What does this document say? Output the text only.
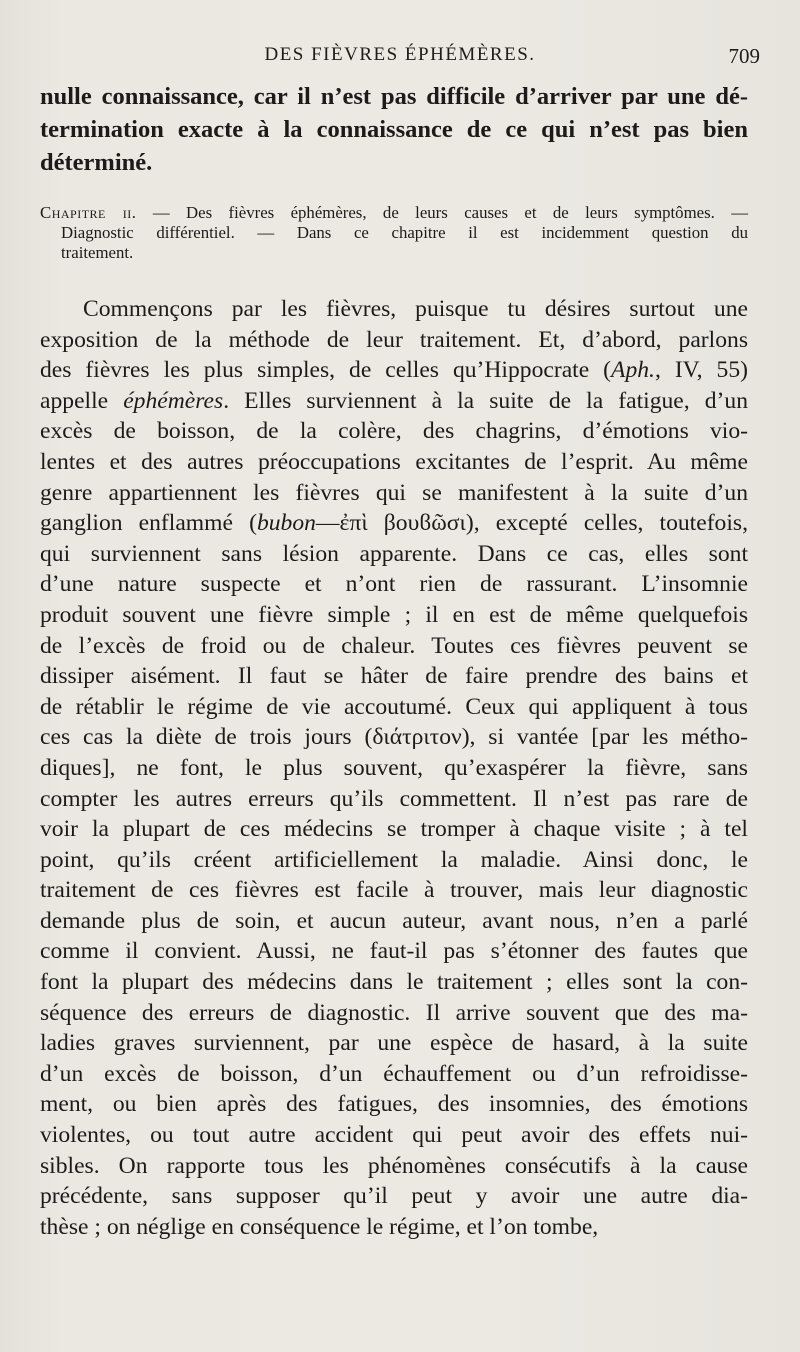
DES FIÈVRES ÉPHÉMÈRES.	709
nulle connaissance, car il n’est pas difficile d’arriver par une dé-
termination exacte à la connaissance de ce qui n’est pas bien
déterminé.
Chapitre ii. — Des fièvres éphémères, de leurs causes et de leurs symptômes. —
Diagnostic différentiel. — Dans ce chapitre il est incidemment question du
traitement.
Commençons par les fièvres, puisque tu désires surtout une
exposition de la méthode de leur traitement. Et, d’abord, parlons
des fièvres les plus simples, de celles qu’Hippocrate (Aph., IV, 55)
appelle éphémères. Elles surviennent à la suite de la fatigue, d’un
excès de boisson, de la colère, des chagrins, d’émotions vio-
lentes et des autres préoccupations excitantes de l’esprit. Au même
genre appartiennent les fièvres qui se manifestent à la suite d’un
ganglion enflammé (bubon—ἐπὶ βουϐῶσι), excepté celles, toutefois,
qui surviennent sans lésion apparente. Dans ce cas, elles sont
d’une nature suspecte et n’ont rien de rassurant. L’insomnie
produit souvent une fièvre simple ; il en est de même quelquefois
de l’excès de froid ou de chaleur. Toutes ces fièvres peuvent se
dissiper aisément. Il faut se hâter de faire prendre des bains et
de rétablir le régime de vie accoutumé. Ceux qui appliquent à tous
ces cas la diète de trois jours (διάτριτον), si vantée [par les métho-
diques], ne font, le plus souvent, qu’exaspérer la fièvre, sans
compter les autres erreurs qu’ils commettent. Il n’est pas rare de
voir la plupart de ces médecins se tromper à chaque visite ; à tel
point, qu’ils créent artificiellement la maladie. Ainsi donc, le
traitement de ces fièvres est facile à trouver, mais leur diagnostic
demande plus de soin, et aucun auteur, avant nous, n’en a parlé
comme il convient. Aussi, ne faut-il pas s’étonner des fautes que
font la plupart des médecins dans le traitement ; elles sont la con-
séquence des erreurs de diagnostic. Il arrive souvent que des ma-
ladies graves surviennent, par une espèce de hasard, à la suite
d’un excès de boisson, d’un échauffement ou d’un refroidisse-
ment, ou bien après des fatigues, des insomnies, des émotions
violentes, ou tout autre accident qui peut avoir des effets nui-
sibles. On rapporte tous les phénomènes consécutifs à la cause
précédente, sans supposer qu’il peut y avoir une autre dia-
thèse ; on néglige en conséquence le régime, et l’on tombe,
